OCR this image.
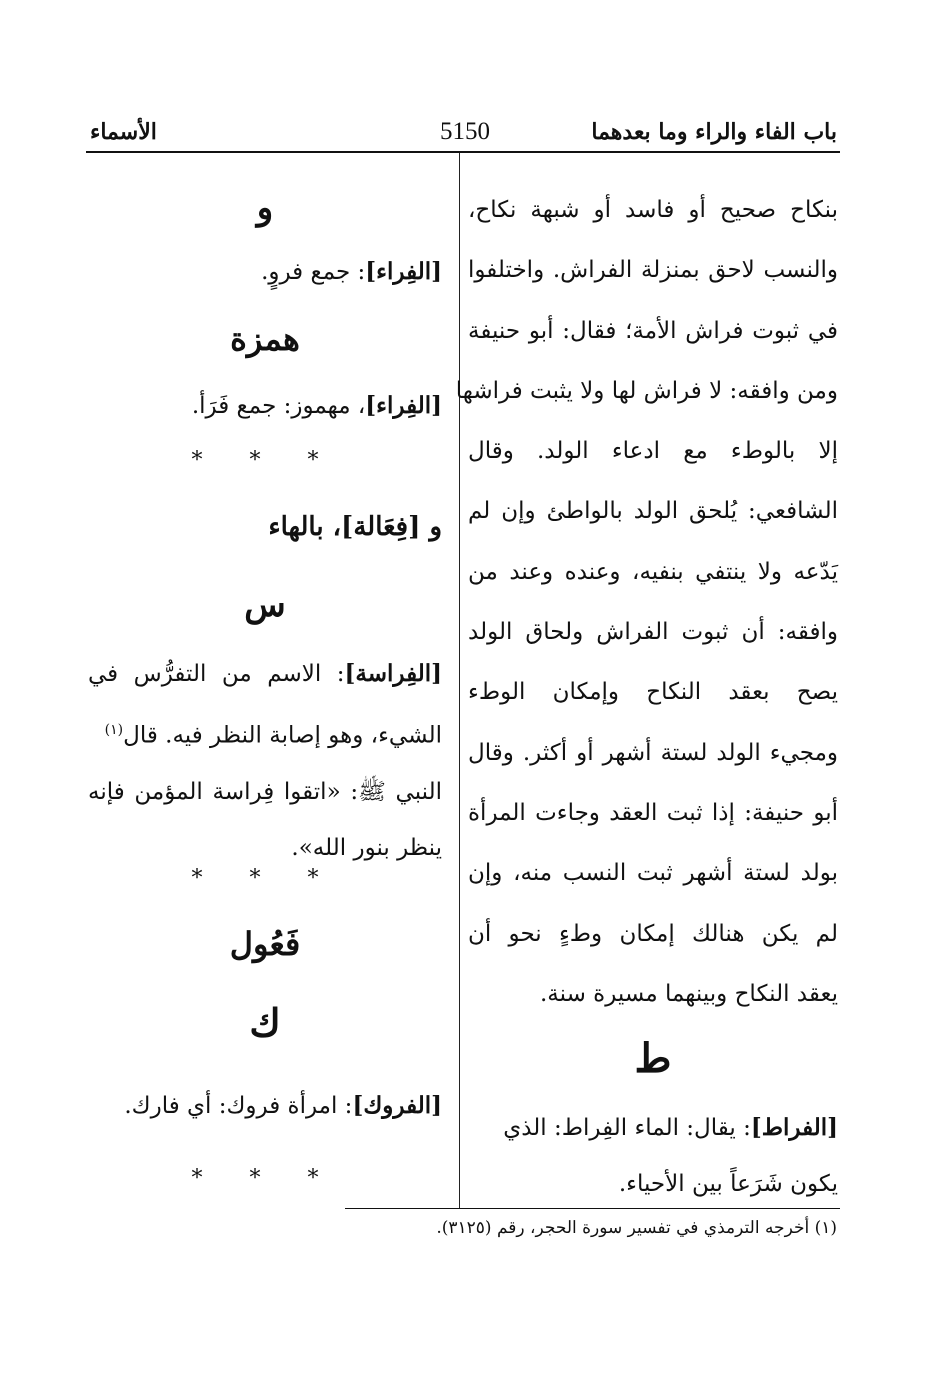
باب الفاء والراء وما بعدهما
5150
الأسماء

بنكاح صحيح أو فاسد أو شبهة نكاح،

والنسب لاحق بمنزلة الفراش. واختلفوا

في ثبوت فراش الأمة؛ فقال: أبو حنيفة

ومن وافقه: لا فراش لها ولا يثبت فراشها

إلا بالوطء مع ادعاء الولد. وقال

الشافعي: يُلحق الولد بالواطئ وإن لم

يَدّعه ولا ينتفي بنفيه، وعنده وعند من

وافقه: أن ثبوت الفراش ولحاق الولد

يصح بعقد النكاح وإمكان الوطء

ومجيء الولد لستة أشهر أو أكثر. وقال

أبو حنيفة: إذا ثبت العقد وجاءت المرأة

بولد لستة أشهر ثبت النسب منه، وإن

لم يكن هنالك إمكان وطءٍ نحو أن

يعقد النكاح وبينهما مسيرة سنة.

ط
[الفراط]: يقال: الماء الفِراط: الذي
يكون شَرَعاً بين الأحياء.
و
[الفِراء]: جمع فروٍ.
همزة
[الفِراء]، مهموز: جمع فَرَأ.
* * *
و [فِعَالة]، بالهاء
س
[الفِراسة]: الاسم من التفرُّس في
الشيء، وهو إصابة النظر فيه. قال$^{(١)}$
النبي ﷺ: «اتقوا فِراسة المؤمن فإنه
ينظر بنور الله».
* * *
فَعُول
ك
[الفروك]: امرأة فروك: أي فارك.
* * *
(١) أخرجه الترمذي في تفسير سورة الحجر، رقم (٣١٢٥).
